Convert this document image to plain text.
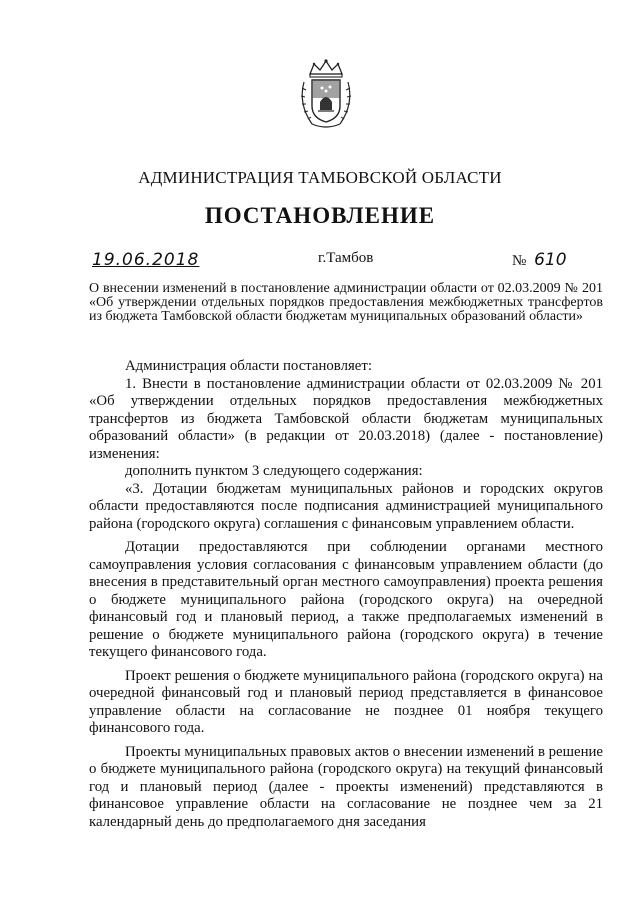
АДМИНИСТРАЦИЯ ТАМБОВСКОЙ ОБЛАСТИ
ПОСТАНОВЛЕНИЕ
19.06.2018	г.Тамбов	№ 610
О внесении изменений в постановление администрации области от 02.03.2009 № 201 «Об утверждении отдельных порядков предоставления межбюджетных трансфертов из бюджета Тамбовской области бюджетам муниципальных образований области»

Администрация области постановляет:

1. Внести в постановление администрации области от 02.03.2009 № 201 «Об утверждении отдельных порядков предоставления межбюджетных трансфертов из бюджета Тамбовской области бюджетам муниципальных образований области» (в редакции от 20.03.2018) (далее - постановление) изменения:

дополнить пунктом 3 следующего содержания:

«3. Дотации бюджетам муниципальных районов и городских округов области предоставляются после подписания администрацией муниципального района (городского округа) соглашения с финансовым управлением области.

Дотации предоставляются при соблюдении органами местного самоуправления условия согласования с финансовым управлением области (до внесения в представительный орган местного самоуправления) проекта решения о бюджете муниципального района (городского округа) на очередной финансовый год и плановый период, а также предполагаемых изменений в решение о бюджете муниципального района (городского округа) в течение текущего финансового года.

Проект решения о бюджете муниципального района (городского округа) на очередной финансовый год и плановый период представляется в финансовое управление области на согласование не позднее 01 ноября текущего финансового года.

Проекты муниципальных правовых актов о внесении изменений в решение о бюджете муниципального района (городского округа) на текущий финансовый год и плановый период (далее - проекты изменений) представляются в финансовое управление области на согласование не позднее чем за 21 календарный день до предполагаемого дня заседания
